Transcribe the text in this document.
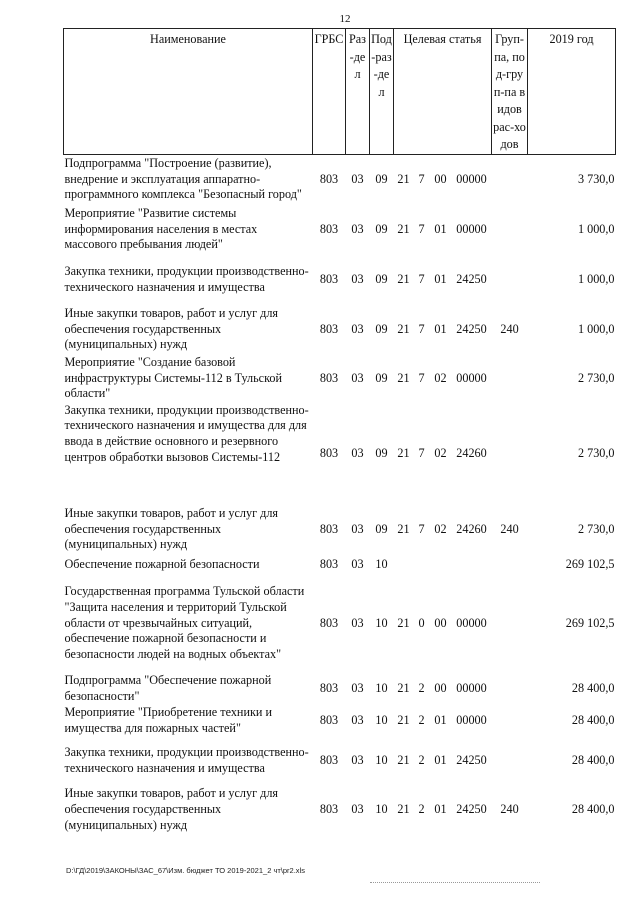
12
Наименование	ГРБС	Раз-дел	Под-раз-дел	Целевая статья				Груп-па, под-груп-па видов рас-ходов	2019 год
Подпрограмма "Построение (развитие), внедрение и эксплуатация аппаратно-программного комплекса "Безопасный город"	803	03	09	21	7	00	00000		3 730,0
Мероприятие "Развитие системы информирования населения в местах массового пребывания людей"	803	03	09	21	7	01	00000		1 000,0
Закупка техники, продукции производственно-технического назначения и имущества	803	03	09	21	7	01	24250		1 000,0
Иные закупки товаров, работ и услуг для обеспечения государственных (муниципальных) нужд	803	03	09	21	7	01	24250	240	1 000,0
Мероприятие "Создание базовой инфраструктуры Системы-112 в Тульской области"	803	03	09	21	7	02	00000		2 730,0
Закупка техники, продукции производственно-технического назначения и имущества для для ввода в действие основного и резервного центров обработки вызовов Системы-112	803	03	09	21	7	02	24260		2 730,0
Иные закупки товаров, работ и услуг для обеспечения государственных (муниципальных) нужд	803	03	09	21	7	02	24260	240	2 730,0
Обеспечение пожарной безопасности	803	03	10						269 102,5
Государственная программа Тульской области "Защита населения и территорий Тульской области от чрезвычайных ситуаций, обеспечение пожарной безопасности и безопасности людей на водных объектах"	803	03	10	21	0	00	00000		269 102,5
Подпрограмма "Обеспечение пожарной безопасности"	803	03	10	21	2	00	00000		28 400,0
Мероприятие "Приобретение техники и имущества для пожарных частей"	803	03	10	21	2	01	00000		28 400,0
Закупка техники, продукции производственно-технического назначения и имущества	803	03	10	21	2	01	24250		28 400,0
Иные закупки товаров, работ и услуг для обеспечения государственных (муниципальных) нужд	803	03	10	21	2	01	24250	240	28 400,0
D:\ГД\2019\ЗАКОНЫ\ЗАС_67\Изм. бюджет ТО 2019-2021_2 чт\pr2.xls
